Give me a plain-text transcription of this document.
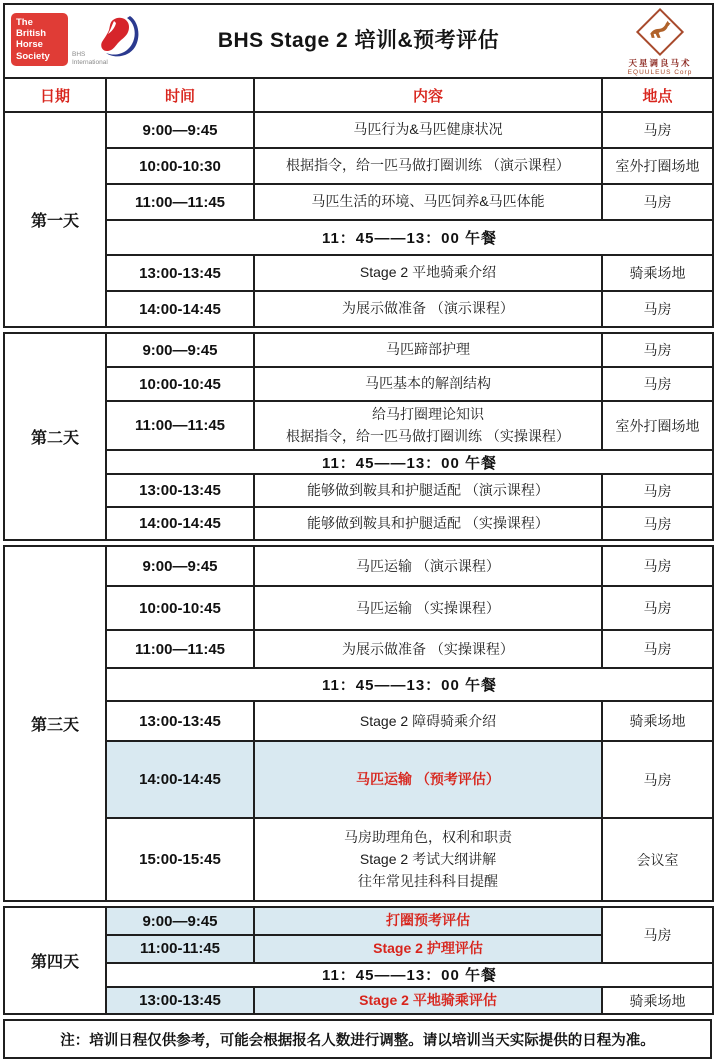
The
British
Horse
Society	BHS
International
BHS Stage 2 培训&预考评估
天星调良马术
EQUULEUS Corp

日期	时间	内容	地点
第一天	9:00—9:45	马匹行为&马匹健康状况	马房
	10:00-10:30	根据指令，给一匹马做打圈训练 （演示课程）	室外打圈场地
	11:00—11:45	马匹生活的环境、马匹饲养&马匹体能	马房
	11：45——13：00 午餐		
	13:00-13:45	Stage 2 平地骑乘介绍	骑乘场地
	14:00-14:45	为展示做准备 （演示课程）	马房
第二天	9:00—9:45	马匹蹄部护理	马房
	10:00-10:45	马匹基本的解剖结构	马房
	11:00—11:45	给马打圈理论知识
根据指令，给一匹马做打圈训练 （实操课程）	室外打圈场地
	11：45——13：00 午餐		
	13:00-13:45	能够做到鞍具和护腿适配 （演示课程）	马房
	14:00-14:45	能够做到鞍具和护腿适配 （实操课程）	马房
第三天	9:00—9:45	马匹运输 （演示课程）	马房
	10:00-10:45	马匹运输 （实操课程）	马房
	11:00—11:45	为展示做准备 （实操课程）	马房
	11：45——13：00 午餐		
	13:00-13:45	Stage 2 障碍骑乘介绍	骑乘场地
	14:00-14:45	马匹运输 （预考评估）	马房
	15:00-15:45	马房助理角色，权利和职责
Stage 2 考试大纲讲解
往年常见挂科科目提醒	会议室
第四天	9:00—9:45	打圈预考评估	马房
	11:00-11:45	Stage 2 护理评估	

	11：45——13：00 午餐		
	13:00-13:45	Stage 2 平地骑乘评估	骑乘场地
注：培训日程仅供参考，可能会根据报名人数进行调整。请以培训当天实际提供的日程为准。
